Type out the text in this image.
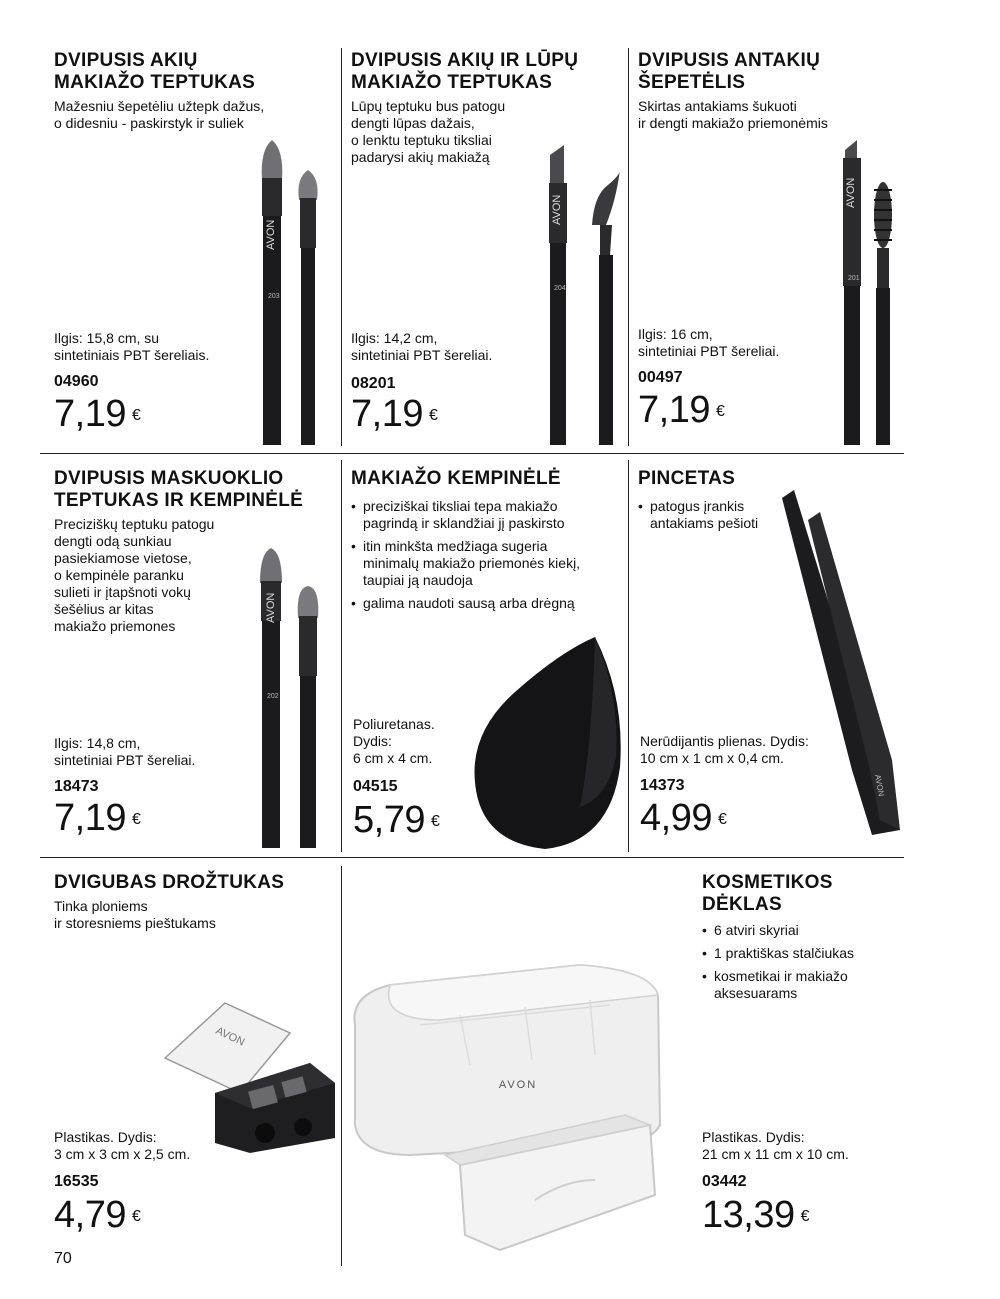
DVIPUSIS AKIŲ
MAKIAŽO TEPTUKAS

Mažesniu šepetėliu užtepk dažus,
o didesniu - paskirstyk ir suliek

Ilgis: 15,8 cm, su
sintetiniais PBT šereliais.
04960
7,19 €
AVON
203
DVIPUSIS AKIŲ IR LŪPŲ
MAKIAŽO TEPTUKAS

Lūpų teptuku bus patogu
dengti lūpas dažais,
o lenktu teptuku tiksliai
padarysi akių makiažą

Ilgis: 14,2 cm,
sintetiniai PBT šereliai.
08201
7,19 €
AVON
204
DVIPUSIS ANTAKIŲ
ŠEPETĖLIS

Skirtas antakiams šukuoti
ir dengti makiažo priemonėmis

Ilgis: 16 cm,
sintetiniai PBT šereliai.
00497
7,19 €
AVON
201
DVIPUSIS MASKUOKLIO
TEPTUKAS IR KEMPINĖLĖ

Preciziškų teptuku patogu
dengti odą sunkiau
pasiekiamose vietose,
o kempinėle paranku
sulieti ir įtapšnoti vokų
šešėlius ar kitas
makiažo priemones

Ilgis: 14,8 cm,
sintetiniai PBT šereliai.
18473
7,19 €
AVON
202
MAKIAŽO KEMPINĖLĖ
• preciziškai tiksliai tepa makiažo
pagrindą ir sklandžiai jį paskirsto
• itin minkšta medžiaga sugeria
minimalų makiažo priemonės kiekį,
taupiai ją naudoja
• galima naudoti sausą arba drėgną
Poliuretanas.
Dydis:
6 cm x 4 cm.
04515
5,79 €
PINCETAS
• patogus įrankis
antakiams pešioti
Nerūdijantis plienas. Dydis:
10 cm x 1 cm x 0,4 cm.
14373
4,99 €
AVON
DVIGUBAS DROŽTUKAS

Tinka ploniems
ir storesniems pieštukams

Plastikas. Dydis:
3 cm x 3 cm x 2,5 cm.
16535
4,79 €
AVON
KOSMETIKOS
DĖKLAS
• 6 atviri skyriai
• 1 praktiškas stalčiukas
• kosmetikai ir makiažo
aksesuarams
Plastikas. Dydis:
21 cm x 11 cm x 10 cm.
03442
13,39 €
AVON
70
